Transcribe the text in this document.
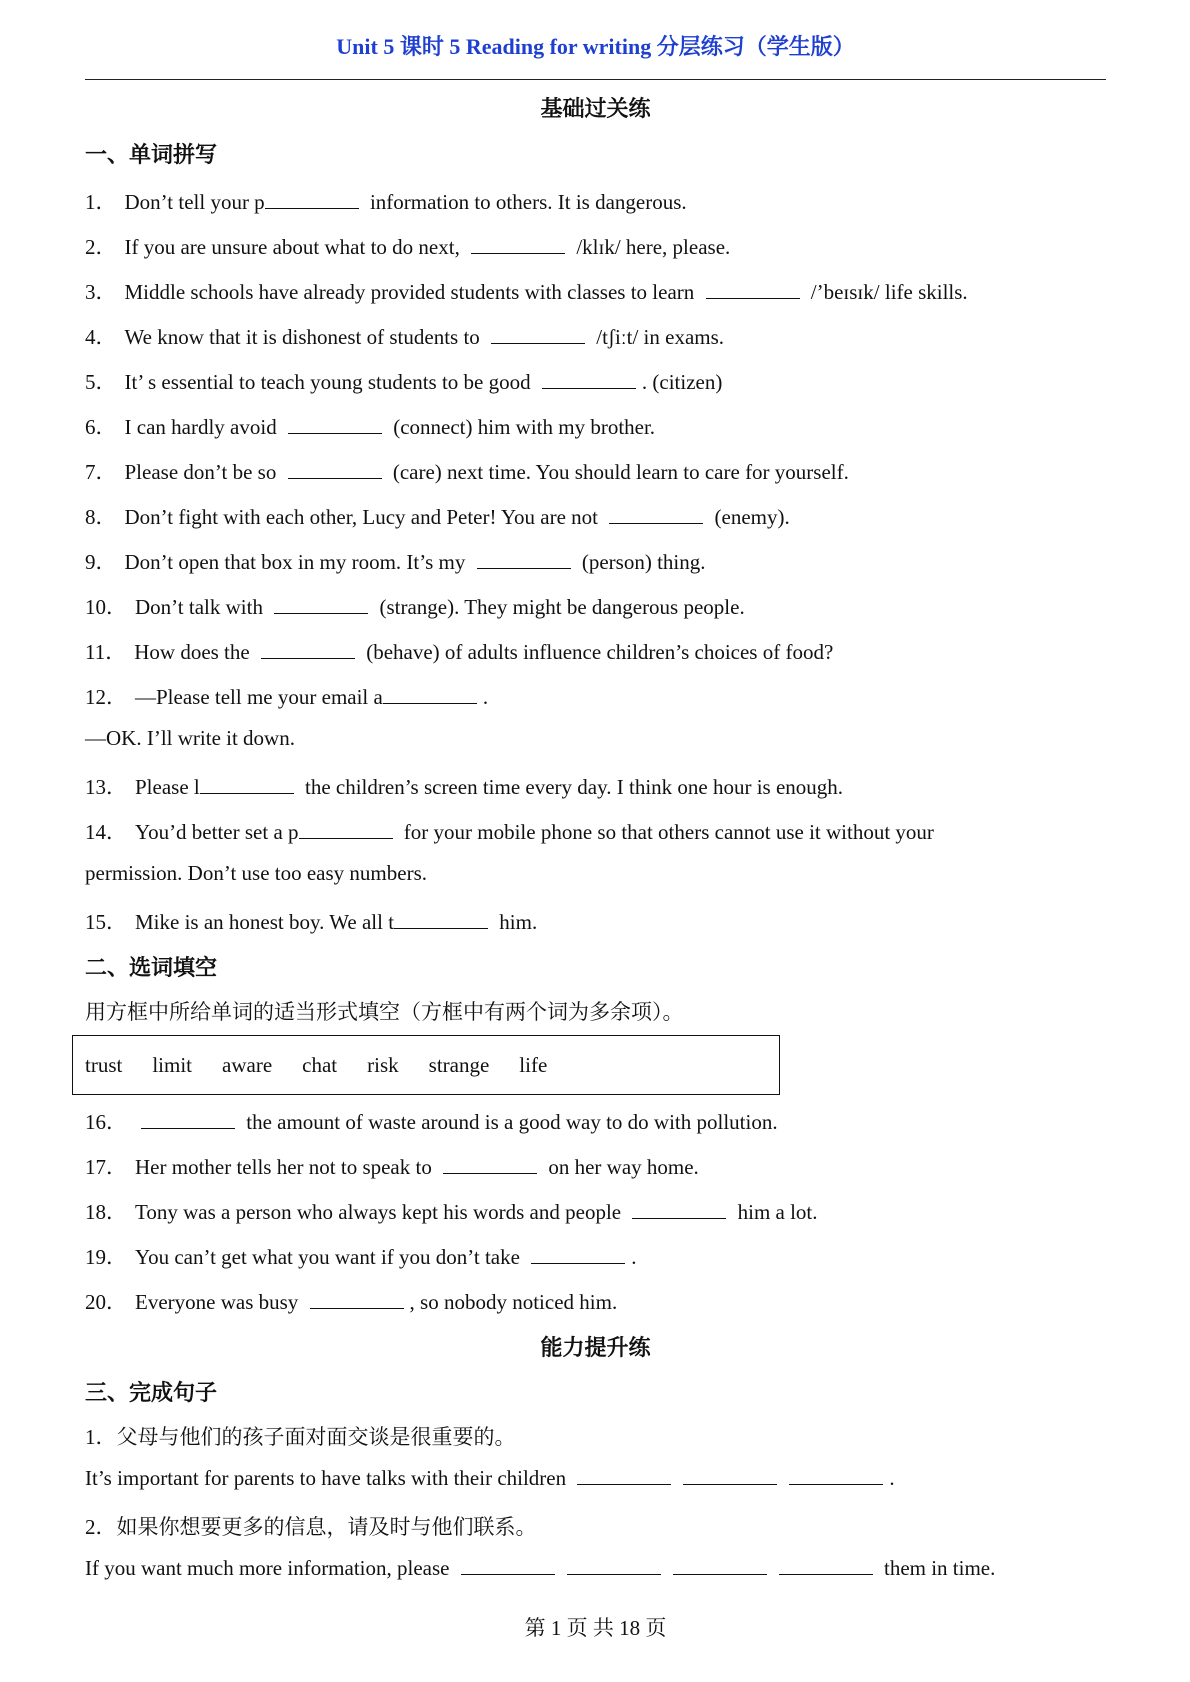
Unit 5 课时 5 Reading for writing 分层练习（学生版）
基础过关练
一、单词拼写
1． Don’t tell your p	information to others. It is dangerous.
2． If you are unsure about what to do next,	/klɪk/ here, please.
3． Middle schools have already provided students with classes to learn	/’beɪsɪk/ life skills.
4． We know that it is dishonest of students to	/tʃiːt/ in exams.
5． It’ s essential to teach young students to be good	. (citizen)
6． I can hardly avoid	(connect) him with my brother.
7． Please don’t be so	(care) next time. You should learn to care for yourself.
8． Don’t fight with each other, Lucy and Peter! You are not	(enemy).
9． Don’t open that box in my room. It’s my	(person) thing.
10． Don’t talk with	(strange). They might be dangerous people.
11． How does the	(behave) of adults influence children’s choices of food?
12． —Please tell me your email a	.
—OK. I’ll write it down.
13． Please l	the children’s screen time every day. I think one hour is enough.
14． You’d better set a p	for your mobile phone so that others cannot use it without your
permission. Don’t use too easy numbers.
15． Mike is an honest boy. We all t	him.
二、选词填空
用方框中所给单词的适当形式填空（方框中有两个词为多余项）。
trust limit aware chat risk strange life
16．	the amount of waste around is a good way to do with pollution.
17． Her mother tells her not to speak to	on her way home.
18． Tony was a person who always kept his words and people	him a lot.
19． You can’t get what you want if you don’t take	.
20． Everyone was busy	, so nobody noticed him.
能力提升练
三、完成句子
1．父母与他们的孩子面对面交谈是很重要的。
It’s important for parents to have talks with their children	.
2．如果你想要更多的信息，请及时与他们联系。
If you want much more information, please	them in time.
第 1 页 共 18 页
